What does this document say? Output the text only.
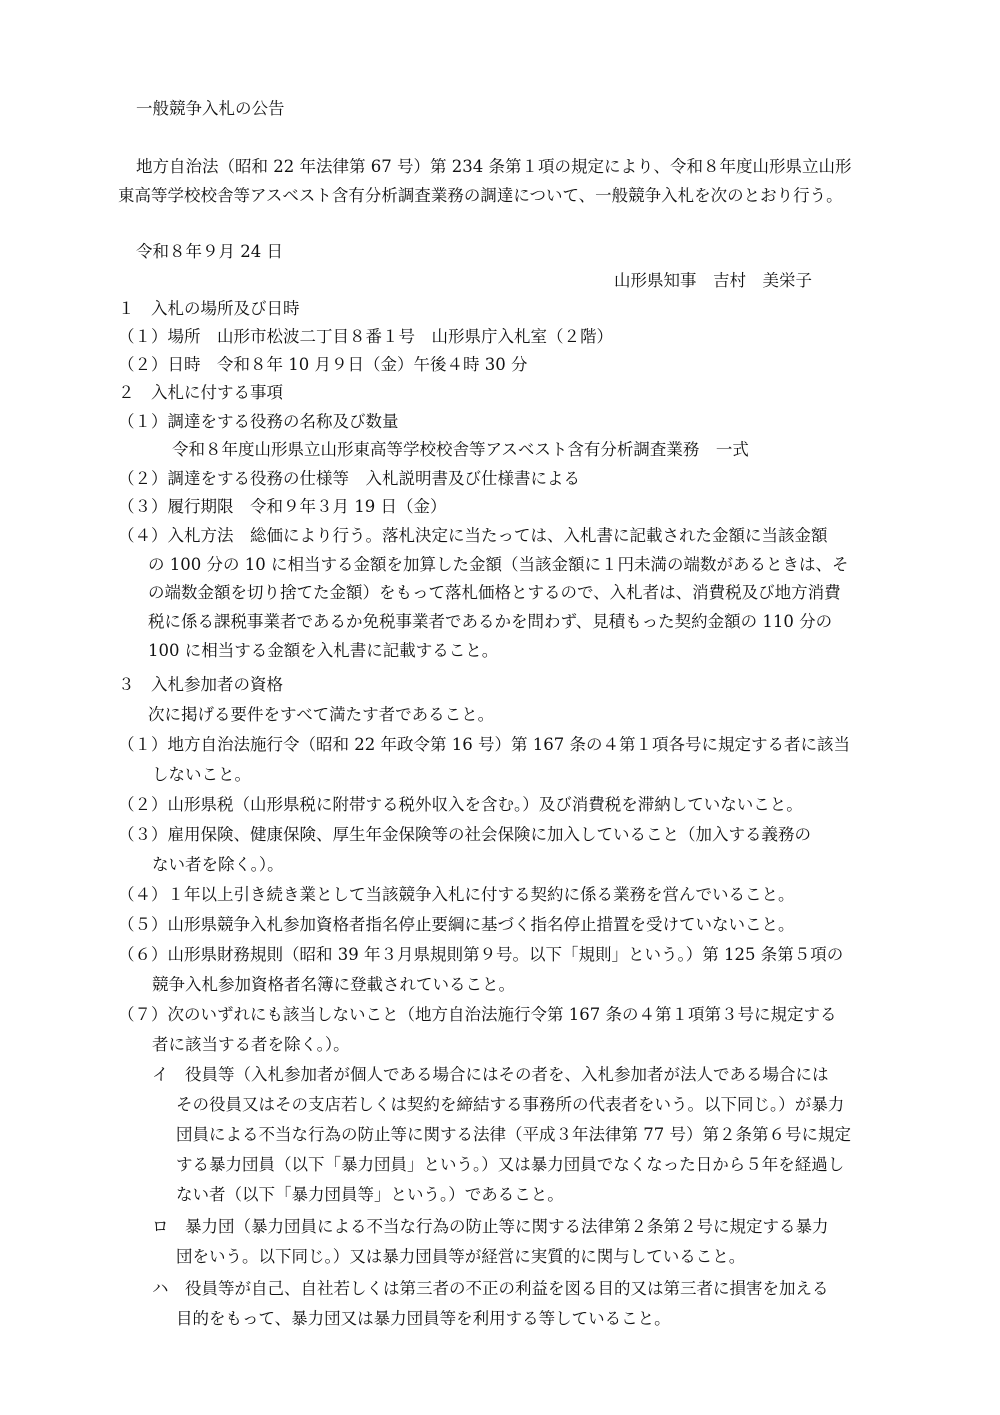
一般競争入札の公告
地方自治法（昭和 22 年法律第 67 号）第 234 条第１項の規定により、令和８年度山形県立山形
東高等学校校舎等アスベスト含有分析調査業務の調達について、一般競争入札を次のとおり行う。
令和８年９月 24 日
山形県知事　吉村　美栄子
１　入札の場所及び日時
（１）場所　山形市松波二丁目８番１号　山形県庁入札室（２階）
（２）日時　令和８年 10 月９日（金）午後４時 30 分
２　入札に付する事項
（１）調達をする役務の名称及び数量
令和８年度山形県立山形東高等学校校舎等アスベスト含有分析調査業務　一式
（２）調達をする役務の仕様等　入札説明書及び仕様書による
（３）履行期限　令和９年３月 19 日（金）
（４）入札方法　総価により行う。落札決定に当たっては、入札書に記載された金額に当該金額
の 100 分の 10 に相当する金額を加算した金額（当該金額に１円未満の端数があるときは、そ
の端数金額を切り捨てた金額）をもって落札価格とするので、入札者は、消費税及び地方消費
税に係る課税事業者であるか免税事業者であるかを問わず、見積もった契約金額の 110 分の
100 に相当する金額を入札書に記載すること。
３　入札参加者の資格
次に掲げる要件をすべて満たす者であること。
（１）地方自治法施行令（昭和 22 年政令第 16 号）第 167 条の４第１項各号に規定する者に該当
しないこと。
（２）山形県税（山形県税に附帯する税外収入を含む。）及び消費税を滞納していないこと。
（３）雇用保険、健康保険、厚生年金保険等の社会保険に加入していること（加入する義務の
ない者を除く。）。
（４）１年以上引き続き業として当該競争入札に付する契約に係る業務を営んでいること。
（５）山形県競争入札参加資格者指名停止要綱に基づく指名停止措置を受けていないこと。
（６）山形県財務規則（昭和 39 年３月県規則第９号。以下「規則」という。）第 125 条第５項の
競争入札参加資格者名簿に登載されていること。
（７）次のいずれにも該当しないこと（地方自治法施行令第 167 条の４第１項第３号に規定する
者に該当する者を除く。）。
イ　役員等（入札参加者が個人である場合にはその者を、入札参加者が法人である場合には
その役員又はその支店若しくは契約を締結する事務所の代表者をいう。以下同じ。）が暴力
団員による不当な行為の防止等に関する法律（平成３年法律第 77 号）第２条第６号に規定
する暴力団員（以下「暴力団員」という。）又は暴力団員でなくなった日から５年を経過し
ない者（以下「暴力団員等」という。）であること。
ロ　暴力団（暴力団員による不当な行為の防止等に関する法律第２条第２号に規定する暴力
団をいう。以下同じ。）又は暴力団員等が経営に実質的に関与していること。
ハ　役員等が自己、自社若しくは第三者の不正の利益を図る目的又は第三者に損害を加える
目的をもって、暴力団又は暴力団員等を利用する等していること。
